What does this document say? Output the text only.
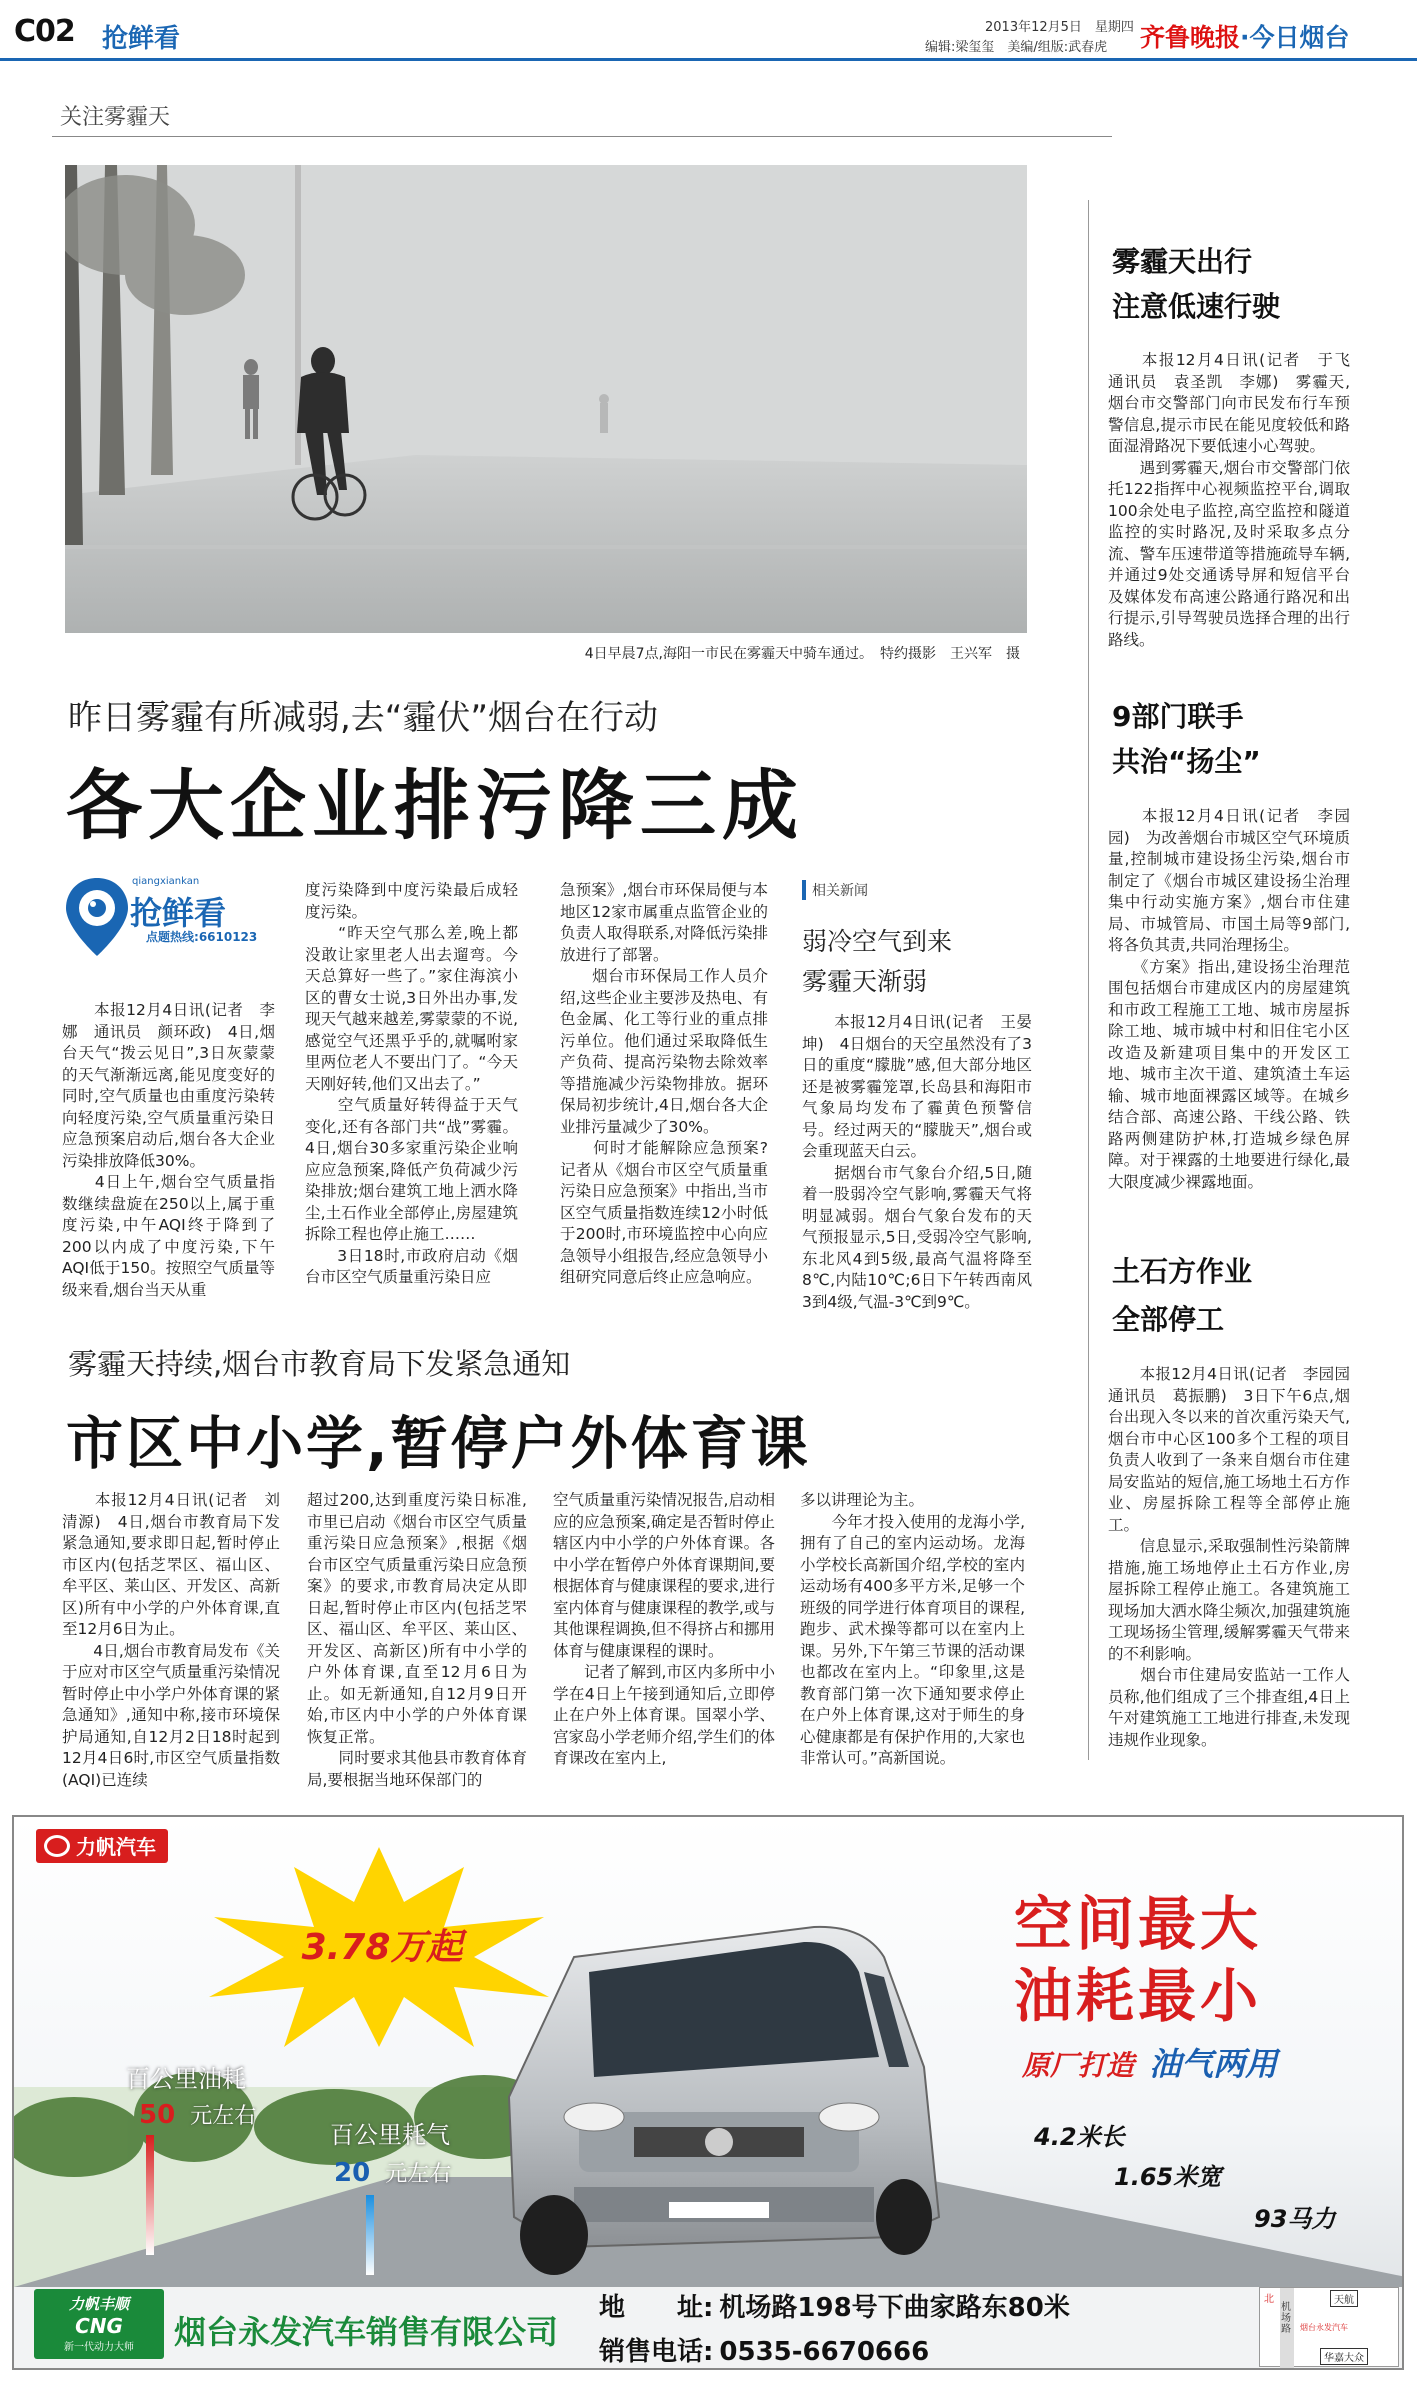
C02 抢鲜看	2013年12月5日　星期四
编辑:梁玺玺　美编/组版:武春虎 齐鲁晚报·今日烟台
关注雾霾天
4日早晨7点,海阳一市民在雾霾天中骑车通过。　特约摄影　王兴军　摄
昨日雾霾有所减弱,去“霾伏”烟台在行动
各大企业排污降三成
qiangxiankan
抢鲜看
点题热线:6610123
　　本报12月4日讯(记者　李娜　通讯员　颜环政)　4日,烟台天气“拨云见日”,3日灰蒙蒙的天气渐渐远离,能见度变好的同时,空气质量也由重度污染转向轻度污染,空气质量重污染日应急预案启动后,烟台各大企业污染排放降低30%。
　　4日上午,烟台空气质量指数继续盘旋在250以上,属于重度污染,中午AQI终于降到了200以内成了中度污染,下午AQI低于150。按照空气质量等级来看,烟台当天从重
度污染降到中度污染最后成轻度污染。
　　“昨天空气那么差,晚上都没敢让家里老人出去遛弯。今天总算好一些了。”家住海滨小区的曹女士说,3日外出办事,发现天气越来越差,雾蒙蒙的不说,感觉空气还黑乎乎的,就嘱咐家里两位老人不要出门了。“今天天刚好转,他们又出去了。”
　　空气质量好转得益于天气变化,还有各部门共“战”雾霾。4日,烟台30多家重污染企业响应应急预案,降低产负荷减少污染排放;烟台建筑工地上洒水降尘,土石作业全部停止,房屋建筑拆除工程也停止施工……
　　3日18时,市政府启动《烟台市区空气质量重污染日应
急预案》,烟台市环保局便与本地区12家市属重点监管企业的负责人取得联系,对降低污染排放进行了部署。
　　烟台市环保局工作人员介绍,这些企业主要涉及热电、有色金属、化工等行业的重点排污单位。他们通过采取降低生产负荷、提高污染物去除效率等措施减少污染物排放。据环保局初步统计,4日,烟台各大企业排污量减少了30%。
　　何时才能解除应急预案?记者从《烟台市区空气质量重污染日应急预案》中指出,当市区空气质量指数连续12小时低于200时,市环境监控中心向应急领导小组报告,经应急领导小组研究同意后终止应急响应。
相关新闻
弱冷空气到来
雾霾天渐弱
　　本报12月4日讯(记者　王晏坤)　4日烟台的天空虽然没有了3日的重度“朦胧”感,但大部分地区还是被雾霾笼罩,长岛县和海阳市气象局均发布了霾黄色预警信号。经过两天的“朦胧天”,烟台或会重现蓝天白云。
　　据烟台市气象台介绍,5日,随着一股弱冷空气影响,雾霾天气将明显减弱。烟台气象台发布的天气预报显示,5日,受弱冷空气影响,东北风4到5级,最高气温将降至8℃,内陆10℃;6日下午转西南风3到4级,气温-3℃到9℃。
雾霾天持续,烟台市教育局下发紧急通知
市区中小学,暂停户外体育课
　　本报12月4日讯(记者　刘清源)　4日,烟台市教育局下发紧急通知,要求即日起,暂时停止市区内(包括芝罘区、福山区、牟平区、莱山区、开发区、高新区)所有中小学的户外体育课,直至12月6日为止。
　　4日,烟台市教育局发布《关于应对市区空气质量重污染情况 暂时停止中小学户外体育课的紧急通知》,通知中称,接市环境保护局通知,自12月2日18时起到12月4日6时,市区空气质量指数(AQI)已连续
超过200,达到重度污染日标准,市里已启动《烟台市区空气质量重污染日应急预案》,根据《烟台市区空气质量重污染日应急预案》的要求,市教育局决定从即日起,暂时停止市区内(包括芝罘区、福山区、牟平区、莱山区、开发区、高新区)所有中小学的户外体育课,直至12月6日为止。如无新通知,自12月9日开始,市区内中小学的户外体育课恢复正常。
　　同时要求其他县市教育体育局,要根据当地环保部门的
空气质量重污染情况报告,启动相应的应急预案,确定是否暂时停止辖区内中小学的户外体育课。各中小学在暂停户外体育课期间,要根据体育与健康课程的要求,进行室内体育与健康课程的教学,或与其他课程调换,但不得挤占和挪用体育与健康课程的课时。
　　记者了解到,市区内多所中小学在4日上午接到通知后,立即停止在户外上体育课。国翠小学、宫家岛小学老师介绍,学生们的体育课改在室内上,
多以讲理论为主。
　　今年才投入使用的龙海小学,拥有了自己的室内运动场。龙海小学校长高新国介绍,学校的室内运动场有400多平方米,足够一个班级的同学进行体育项目的课程,跑步、武术操等都可以在室内上课。另外,下午第三节课的活动课也都改在室内上。“印象里,这是教育部门第一次下通知要求停止在户外上体育课,这对于师生的身心健康都是有保护作用的,大家也非常认可。”高新国说。
雾霾天出行
注意低速行驶
　　本报12月4日讯(记者　于飞　通讯员　袁圣凯　李娜)　雾霾天,烟台市交警部门向市民发布行车预警信息,提示市民在能见度较低和路面湿滑路况下要低速小心驾驶。
　　遇到雾霾天,烟台市交警部门依托122指挥中心视频监控平台,调取100余处电子监控,高空监控和隧道监控的实时路况,及时采取多点分流、警车压速带道等措施疏导车辆,并通过9处交通诱导屏和短信平台及媒体发布高速公路通行路况和出行提示,引导驾驶员选择合理的出行路线。
9部门联手
共治“扬尘”
　　本报12月4日讯(记者　李园园)　为改善烟台市城区空气环境质量,控制城市建设扬尘污染,烟台市制定了《烟台市城区建设扬尘治理集中行动实施方案》,烟台市住建局、市城管局、市国土局等9部门,将各负其责,共同治理扬尘。
　　《方案》指出,建设扬尘治理范围包括烟台市建成区内的房屋建筑和市政工程施工工地、城市房屋拆除工地、城市城中村和旧住宅小区改造及新建项目集中的开发区工地、城市主次干道、建筑渣土车运输、城市地面裸露区域等。在城乡结合部、高速公路、干线公路、铁路两侧建防护林,打造城乡绿色屏障。对于裸露的土地要进行绿化,最大限度减少裸露地面。
土石方作业
全部停工
　　本报12月4日讯(记者　李园园　通讯员　葛振鹏)　3日下午6点,烟台出现入冬以来的首次重污染天气,烟台市中心区100多个工程的项目负责人收到了一条来自烟台市住建局安监站的短信,施工场地土石方作业、房屋拆除工程等全部停止施工。
　　信息显示,采取强制性污染箭牌措施,施工场地停止土石方作业,房屋拆除工程停止施工。各建筑施工现场加大洒水降尘频次,加强建筑施工现场扬尘管理,缓解雾霾天气带来的不利影响。
　　烟台市住建局安监站一工作人员称,他们组成了三个排查组,4日上午对建筑施工工地进行排查,未发现违规作业现象。
力帆汽车
3.78万起
百公里油耗
50 元左右
百公里耗气
20 元左右
空间最大
油耗最小
原厂打造 油气两用
4.2米长
1.65米宽
93马力
力帆丰顺
CNG
新一代动力大师	烟台永发汽车销售有限公司
地　　址: 机场路198号下曲家路东80米
销售电话: 0535-6670666
北
机场路
天航
烟台永发汽车
华嘉大众
